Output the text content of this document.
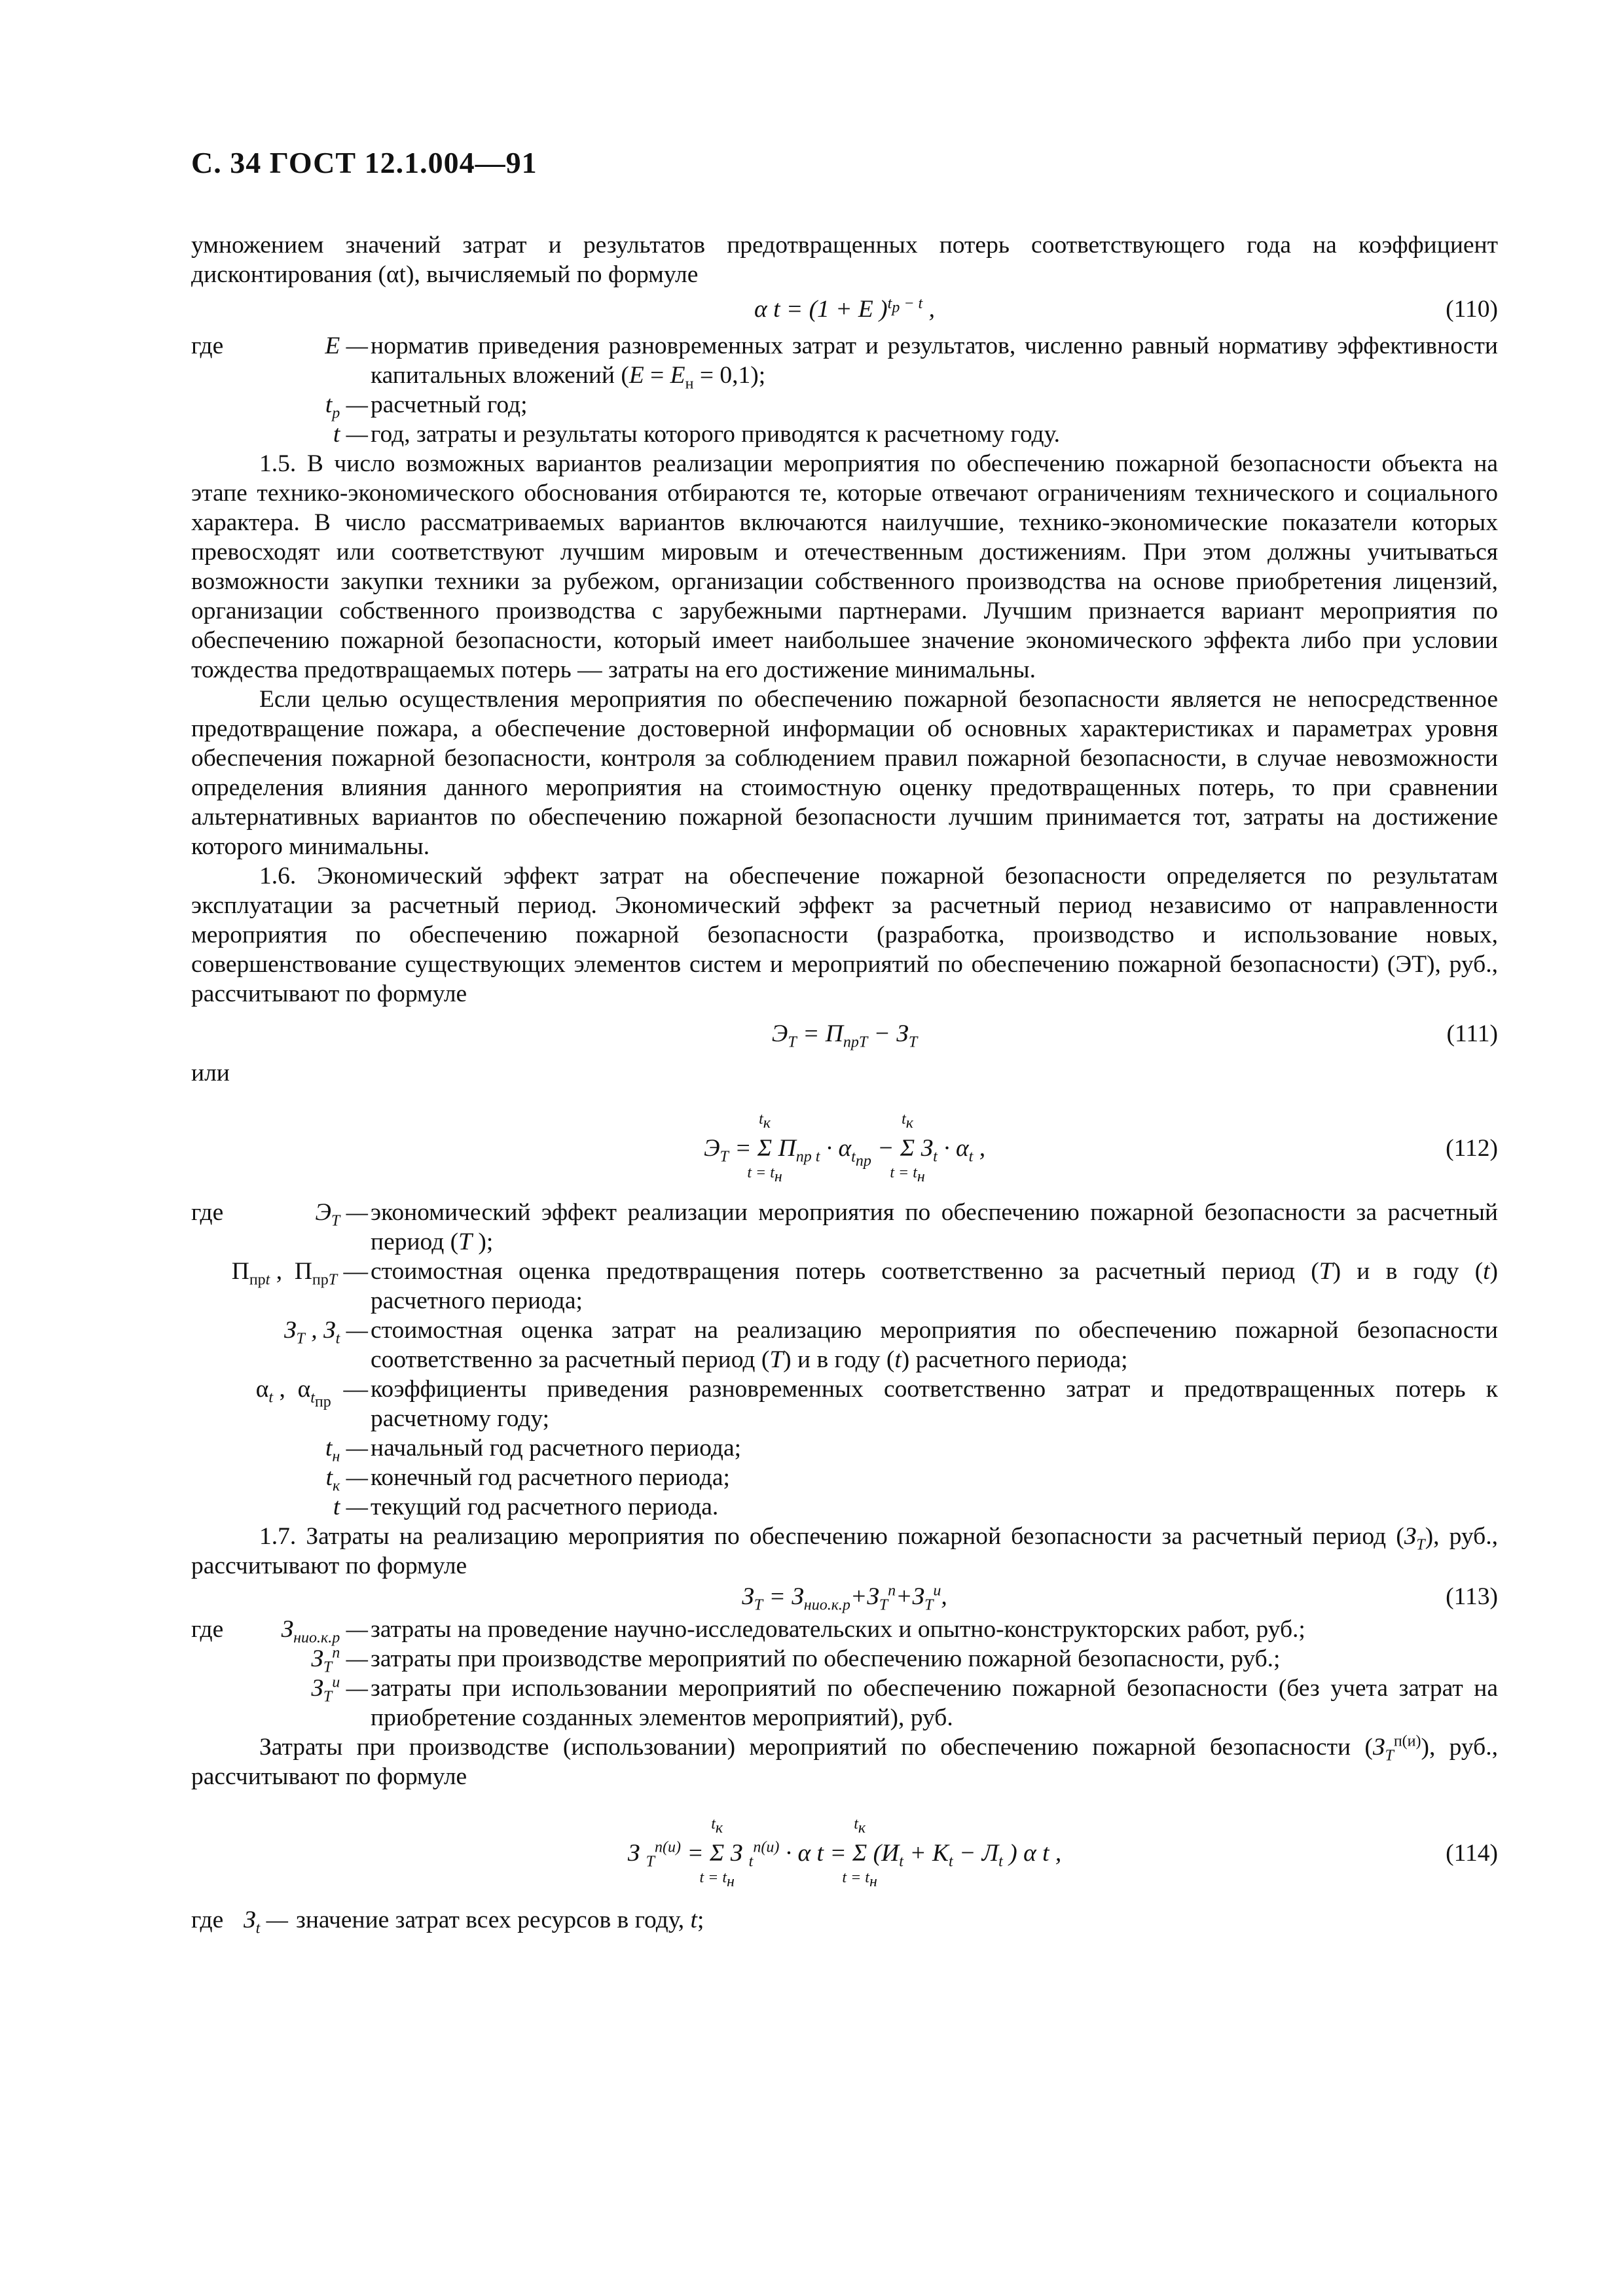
С. 34 ГОСТ 12.1.004—91

умножением значений затрат и результатов предотвращенных потерь соответствующего года на коэффициент дисконтирования (αt), вычисляемый по формуле

α t = (1 + E )$^{t_р - t}$ ,	(110)
где	E — норматив приведения разновременных затрат и результатов, численно равный нормативу эффективности капитальных вложений $(E = E_н = 0,1)$;
$t_р$ — расчетный год;
t — год, затраты и результаты которого приводятся к расчетному году.

1.5. В число возможных вариантов реализации мероприятия по обеспечению пожарной безопасности объекта на этапе технико-экономического обоснования отбираются те, которые отвечают ограничениям технического и социального характера. В число рассматриваемых вариантов включаются наилучшие, технико-экономические показатели которых превосходят или соответствуют лучшим мировым и отечественным достижениям. При этом должны учитываться возможности закупки техники за рубежом, организации собственного производства на основе приобретения лицензий, организации собственного производства с зарубежными партнерами. Лучшим признается вариант мероприятия по обеспечению пожарной безопасности, который имеет наибольшее значение экономического эффекта либо при условии тождества предотвращаемых потерь — затраты на его достижение минимальны.

Если целью осуществления мероприятия по обеспечению пожарной безопасности является не непосредственное предотвращение пожара, а обеспечение достоверной информации об основных характеристиках и параметрах уровня обеспечения пожарной безопасности, контроля за соблюдением правил пожарной безопасности, в случае невозможности определения влияния данного мероприятия на стоимостную оценку предотвращенных потерь, то при сравнении альтернативных вариантов по обеспечению пожарной безопасности лучшим принимается тот, затраты на достижение которого минимальны.

1.6. Экономический эффект затрат на обеспечение пожарной безопасности определяется по результатам эксплуатации за расчетный период. Экономический эффект за расчетный период независимо от направленности мероприятия по обеспечению пожарной безопасности (разработка, производство и использование новых, совершенствование существующих элементов систем и мероприятий по обеспечению пожарной безопасности) (ЭT), руб., рассчитывают по формуле

$Э_T = П_{прT} - З_T$	(111)
или
$Э_T = \Sigma$
$t_к$
$t = t_н$
$П_{пр t} \cdot \alpha_{t_{пр}} - \Sigma$
$t_к$
$t = t_н$
$З_t \cdot \alpha_t$ ,	(112)
где	$Э_T$ — экономический эффект реализации мероприятия по обеспечению пожарной безопасности за расчетный период (T );
$П_{прt}$ ,  $П_{прT}$ — стоимостная оценка предотвращения потерь соответственно за расчетный период (T) и в году (t) расчетного периода;
$З_T$ , $З_t$ — стоимостная оценка затрат на реализацию мероприятия по обеспечению пожарной безопасности соответственно за расчетный период (T) и в году (t) расчетного периода;
$\alpha_t$ ,  $\alpha_{t_{пр}}$  — коэффициенты приведения разновременных соответственно затрат и предотвращенных потерь к расчетному году;
$t_н$ — начальный год расчетного периода;
$t_к$ — конечный год расчетного периода;
t — текущий год расчетного периода.

1.7. Затраты на реализацию мероприятия по обеспечению пожарной безопасности за расчетный период $(З_T)$, руб., рассчитывают по формуле

$З_T = З_{нио.к.р}+З_T^п+З_T^и$,	(113)
где $З_{нио.к.р}$ — затраты на проведение научно-исследовательских и опытно-конструкторских работ, руб.;
$З_T^п$ — затраты при производстве мероприятий по обеспечению пожарной безопасности, руб.;
$З_T^и$ — затраты при использовании мероприятий по обеспечению пожарной безопасности (без учета затрат на приобретение созданных элементов мероприятий), руб.

Затраты при производстве (использовании) мероприятий по обеспечению пожарной безопасности $(З_T^{п(и)})$, руб., рассчитывают по формуле

З $_T^{п(и)}$ = Σ
$t_к$
$t = t_н$
З $_t^{п(и)}$ · α t = Σ
$t_к$
$t = t_н$
($И_t + K_t - Л_t$ ) α t ,	(114)
где $З_t$ — значение затрат всех ресурсов в году, t;
